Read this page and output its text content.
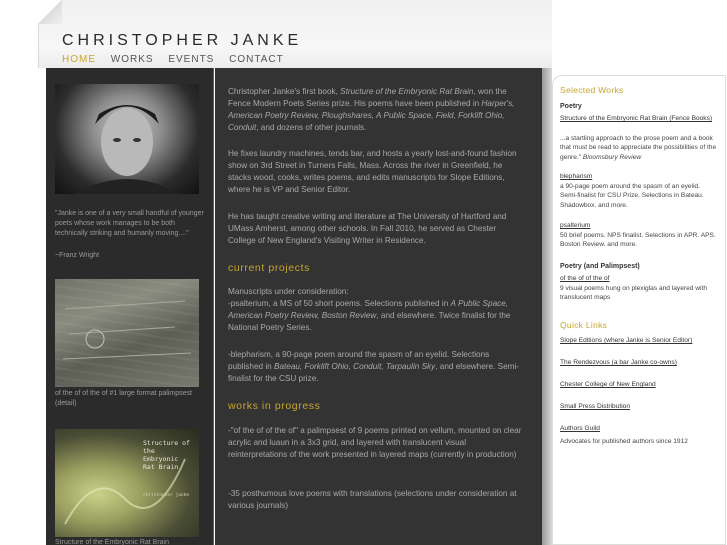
CHRISTOPHER JANKE
HOME WORKS EVENTS CONTACT
"Janke is one of a very small handful of younger poets whose work manages to be both technically striking and humanly moving...."
~Franz Wright
of the of of the of #1 large format palimpsest (detail)
Structure of the Embryonic Rat Brain
christopher janke
Structure of the Embryonic Rat Brain
Christopher Janke's first book, Structure of the Embryonic Rat Brain, won the Fence Modern Poets Series prize. His poems have been published in Harper's, American Poetry Review, Ploughshares, A Public Space, Field, Forklift Ohio, Conduit, and dozens of other journals.
He fixes laundry machines, tends bar, and hosts a yearly lost-and-found fashion show on 3rd Street in Turners Falls, Mass. Across the river in Greenfield, he stacks wood, cooks, writes poems, and edits manuscripts for Slope Editions, where he is VP and Senior Editor.
He has taught creative writing and literature at The University of Hartford and UMass Amherst, among other schools. In Fall 2010, he served as Chester College of New England's Visiting Writer in Residence.
current projects
Manuscripts under consideration:
-psalterium, a MS of 50 short poems. Selections published in A Public Space, American Poetry Review, Boston Review, and elsewhere. Twice finalist for the National Poetry Series.
-blepharism, a 90-page poem around the spasm of an eyelid. Selections published in Bateau, Forklift Ohio, Conduit, Tarpaulin Sky, and elsewhere. Semi-finalist for the CSU prize.
works in progress
-"of the of of the of" a palimpsest of 9 poems printed on vellum, mounted on clear acrylic and luaun in a 3x3 grid, and layered with translucent visual reinterpretations of the work presented in layered maps (currently in production)
-35 posthumous love poems with translations (selections under consideration at various journals)
Selected Works
Poetry
Structure of the Embryonic Rat Brain (Fence Books)
...a startling approach to the prose poem and a book that must be read to appreciate the possibilities of the genre." Bloomsbury Review
blepharism
a 90-page poem around the spasm of an eyelid. Semi-finalist for CSU Prize. Selections in Bateau. Shadowbox. and more.
psalterium
50 brief poems. NPS finalist. Selections in APR. APS. Boston Review. and more.
Poetry (and Palimpsest)
of the of of the of
9 visual poems hung on plexiglas and layered with translucent maps
Quick Links
Slope Editions (where Janke is Senior Editor)
The Rendezvous (a bar Janke co-owns)
Chester College of New England
Small Press Distribution
Authors Guild
Advocates for published authors since 1912
